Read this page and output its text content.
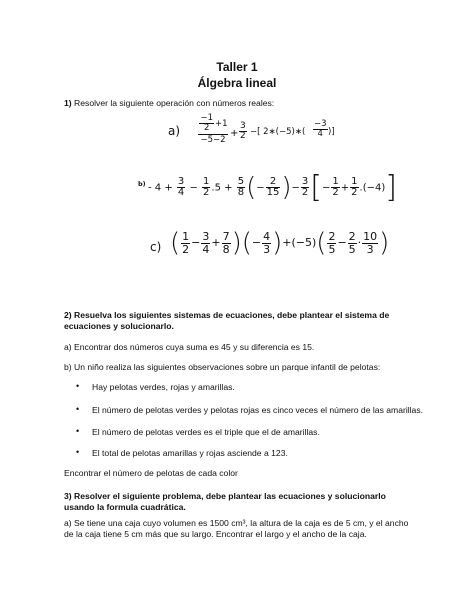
Taller 1
Álgebra lineal
1) Resolver la siguiente operación con números reales:
$a) \frac{-1}{2} +1$
−5−2
+ $\frac{3}{2}$ −[ 2∗(−5)∗( $\frac{-3}{4}$ )]
$b) - 4 + \frac{3}{4} - \frac{1}{2} .5 + \frac{5}{8}$ (− $\frac{2}{15}$ )− $\frac{3}{2}$ [− $\frac{1}{2} + \frac{1}{2} .(-4)$]
c) ( $\frac{1}{2} - \frac{3}{4} + \frac{7}{8}$ )(− $\frac{4}{3} )+(-5)( \frac{2}{5} - \frac{2}{5} \cdot \frac{10}{3}$ )
2) Resuelva los siguientes sistemas de ecuaciones, debe plantear el sistema de ecuaciones y solucionarlo.
a) Encontrar dos números cuya suma es 45 y su diferencia es 15.
b) Un niño realiza las siguientes observaciones sobre un parque infantil de pelotas:
• Hay pelotas verdes, rojas y amarillas.
• El número de pelotas verdes y pelotas rojas es cinco veces el número de las amarillas.
• El número de pelotas verdes es el triple que el de amarillas.
• El total de pelotas amarillas y rojas asciende a 123.
Encontrar el número de pelotas de cada color
3) Resolver el siguiente problema, debe plantear las ecuaciones y solucionarlo usando la formula cuadrática.
a) Se tiene una caja cuyo volumen es 1500 cm³, la altura de la caja es de 5 cm, y el ancho de la caja tiene 5 cm más que su largo. Encontrar el largo y el ancho de la caja.
